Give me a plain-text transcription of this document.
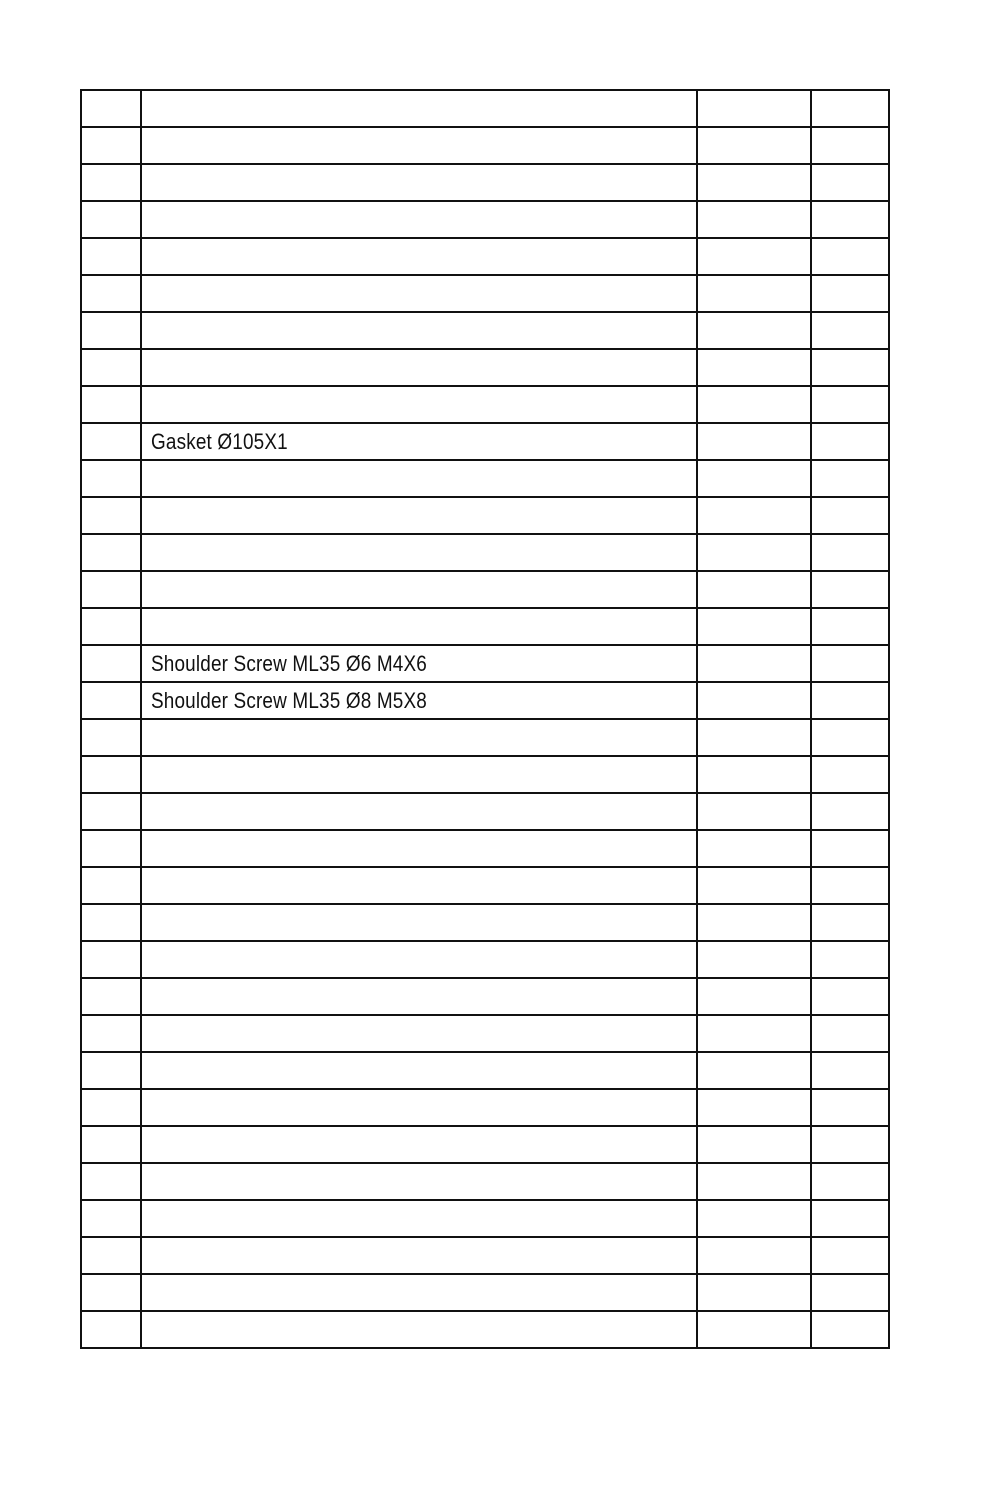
	Gasket Ø105X1		

	Shoulder Screw ML35 Ø6 M4X6		
	Shoulder Screw ML35 Ø8 M5X8		
